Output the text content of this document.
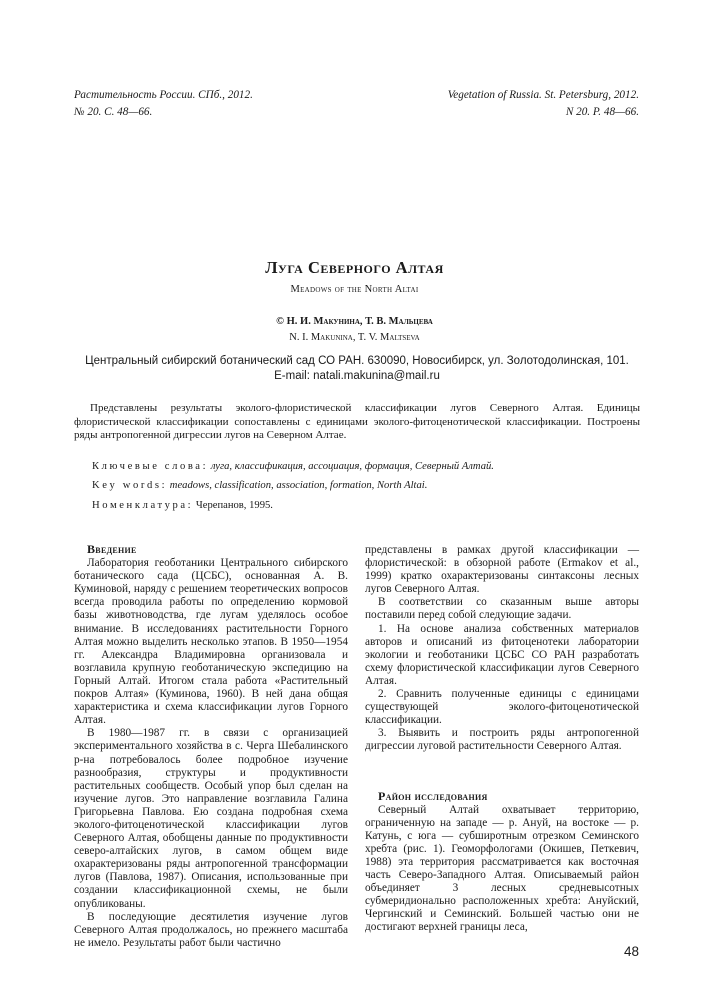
Растительность России. СПб., 2012.
№ 20. С. 48—66.
Vegetation of Russia. St. Petersburg, 2012.
N 20. P. 48—66.
Луга Северного Алтая
Meadows of the North Altai
© Н. И. Макунина, Т. В. Мальцева
N. I. Makunina, T. V. Maltseva
Центральный сибирский ботанический сад СО РАН. 630090, Новосибирск, ул. Золотодолинская, 101.
E-mail: natali.makunina@mail.ru

Представлены результаты эколого-флористической классификации лугов Северного Алтая. Единицы флористической классификации сопоставлены с единицами эколого-фитоценотической классификации. Построены ряды антропогенной дигрессии лугов на Северном Алтае.

Ключевые слова: луга, классификация, ассоциация, формация, Северный Алтай.
Key words: meadows, classification, association, formation, North Altai.
Номенклатура: Черепанов, 1995.
Введение

Лаборатория геоботаники Центрального сибирского ботанического сада (ЦСБС), основанная А. В. Куминовой, наряду с решением теоретических вопросов всегда проводила работы по определению кормовой базы животноводства, где лугам уделялось особое внимание. В исследованиях растительности Горного Алтая можно выделить несколько этапов. В 1950—1954 гг. Александра Владимировна организовала и возглавила крупную геоботаническую экспедицию на Горный Алтай. Итогом стала работа «Растительный покров Алтая» (Куминова, 1960). В ней дана общая характеристика и схема классификации лугов Горного Алтая.

В 1980—1987 гг. в связи с организацией экспериментального хозяйства в с. Черга Шебалинского р-на потребовалось более подробное изучение разнообразия, структуры и продуктивности растительных сообществ. Особый упор был сделан на изучение лугов. Это направление возглавила Галина Григорьевна Павлова. Ею создана подробная схема эколого-фитоценотической классификации лугов Северного Алтая, обобщены данные по продуктивности северо-алтайских лугов, в самом общем виде охарактеризованы ряды антропогенной трансформации лугов (Павлова, 1987). Описания, использованные при создании классификационной схемы, не были опубликованы.

В последующие десятилетия изучение лугов Северного Алтая продолжалось, но прежнего масштаба не имело. Результаты работ были частично

представлены в рамках другой классификации — флористической: в обзорной работе (Ermakov et al., 1999) кратко охарактеризованы синтаксоны лесных лугов Северного Алтая.

В соответствии со сказанным выше авторы поставили перед собой следующие задачи.

1. На основе анализа собственных материалов авторов и описаний из фитоценотеки лаборатории экологии и геоботаники ЦСБС СО РАН разработать схему флористической классификации лугов Северного Алтая.

2. Сравнить полученные единицы с единицами существующей эколого-фитоценотической классификации.

3. Выявить и построить ряды антропогенной дигрессии луговой растительности Северного Алтая.

Район исследования

Северный Алтай охватывает территорию, ограниченную на западе — р. Ануй, на востоке — р. Катунь, с юга — субширотным отрезком Семинского хребта (рис. 1). Геоморфологами (Окишев, Петкевич, 1988) эта территория рассматривается как восточная часть Северо-Западного Алтая. Описываемый район объединяет 3 лесных средневысотных субмеридионально расположенных хребта: Ануйский, Чергинский и Семинский. Большей частью они не достигают верхней границы леса,

48
